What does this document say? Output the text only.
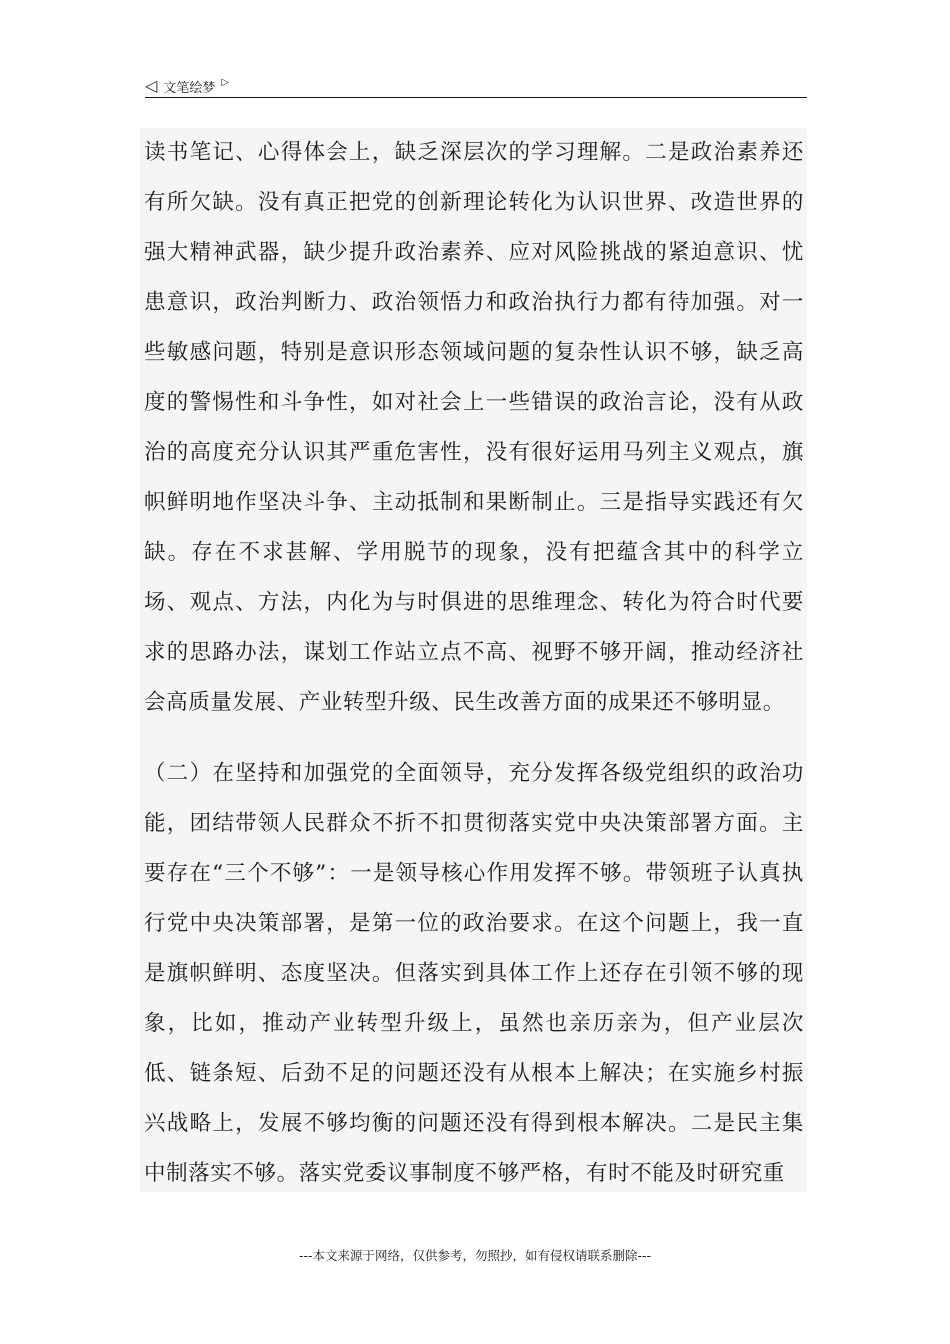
◁ 文笔绘梦 ▷

读书笔记、心得体会上，缺乏深层次的学习理解。二是政治素养还有所欠缺。没有真正把党的创新理论转化为认识世界、改造世界的强大精神武器，缺少提升政治素养、应对风险挑战的紧迫意识、忧患意识，政治判断力、政治领悟力和政治执行力都有待加强。对一些敏感问题，特别是意识形态领域问题的复杂性认识不够，缺乏高度的警惕性和斗争性，如对社会上一些错误的政治言论，没有从政治的高度充分认识其严重危害性，没有很好运用马列主义观点，旗帜鲜明地作坚决斗争、主动抵制和果断制止。三是指导实践还有欠缺。存在不求甚解、学用脱节的现象，没有把蕴含其中的科学立场、观点、方法，内化为与时俱进的思维理念、转化为符合时代要求的思路办法，谋划工作站立点不高、视野不够开阔，推动经济社会高质量发展、产业转型升级、民生改善方面的成果还不够明显。

（二）在坚持和加强党的全面领导，充分发挥各级党组织的政治功能，团结带领人民群众不折不扣贯彻落实党中央决策部署方面。主要存在“三个不够”：一是领导核心作用发挥不够。带领班子认真执行党中央决策部署，是第一位的政治要求。在这个问题上，我一直是旗帜鲜明、态度坚决。但落实到具体工作上还存在引领不够的现象，比如，推动产业转型升级上，虽然也亲历亲为，但产业层次低、链条短、后劲不足的问题还没有从根本上解决；在实施乡村振兴战略上，发展不够均衡的问题还没有得到根本解决。二是民主集中制落实不够。落实党委议事制度不够严格，有时不能及时研究重

---本文来源于网络，仅供参考，勿照抄，如有侵权请联系删除---
